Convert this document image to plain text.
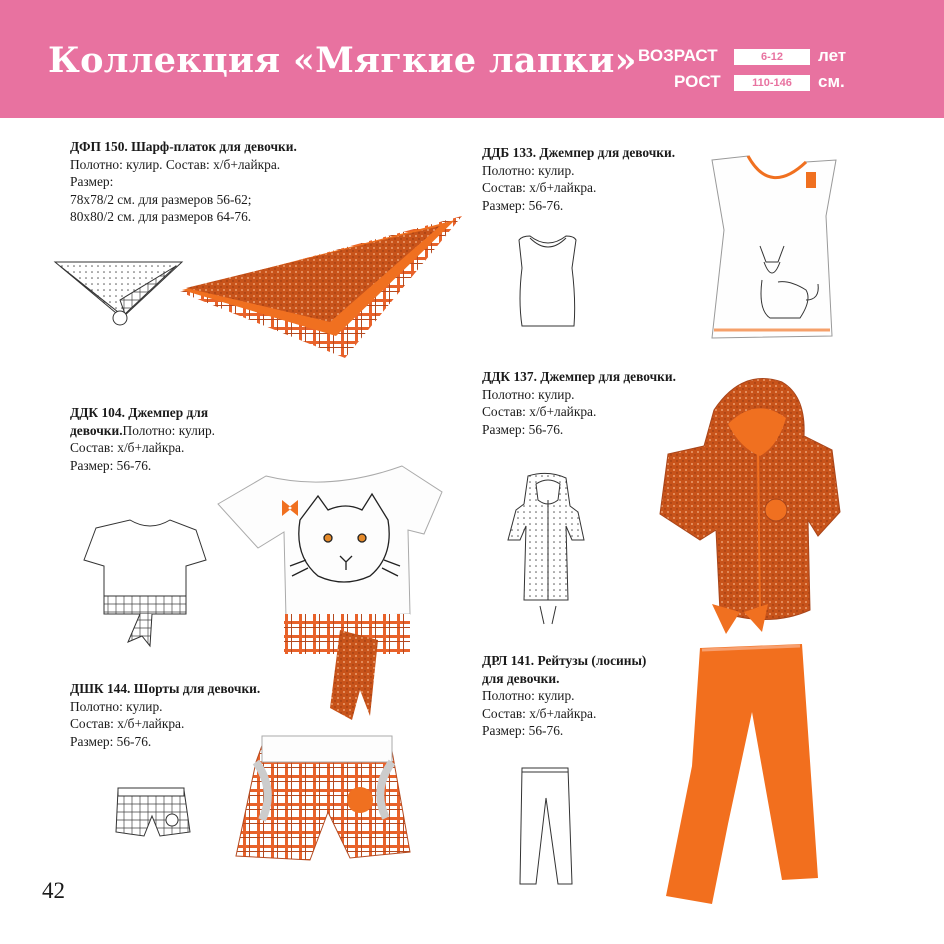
Коллекция «Мягкие лапки» ВОЗРАСТ	6-12	лет
РОСТ	110-146	см.
ДФП 150. Шарф-платок для девочки.
Полотно: кулир. Состав: х/б+лайкра.
Размер:
78х78/2 см. для размеров 56-62;
80х80/2 см. для размеров 64-76.
ДДБ 133. Джемпер для девочки.
Полотно: кулир.
Состав: х/б+лайкра.
Размер: 56-76.
ДДК 137. Джемпер для девочки.
Полотно: кулир.
Состав: х/б+лайкра.
Размер: 56-76.
ДДК 104. Джемпер для
девочки.Полотно: кулир.
Состав: х/б+лайкра.
Размер: 56-76.
ДШК 144. Шорты для девочки.
Полотно: кулир.
Состав: х/б+лайкра.
Размер: 56-76.
ДРЛ 141. Рейтузы (лосины)
для девочки.
Полотно: кулир.
Состав: х/б+лайкра.
Размер: 56-76.
42
